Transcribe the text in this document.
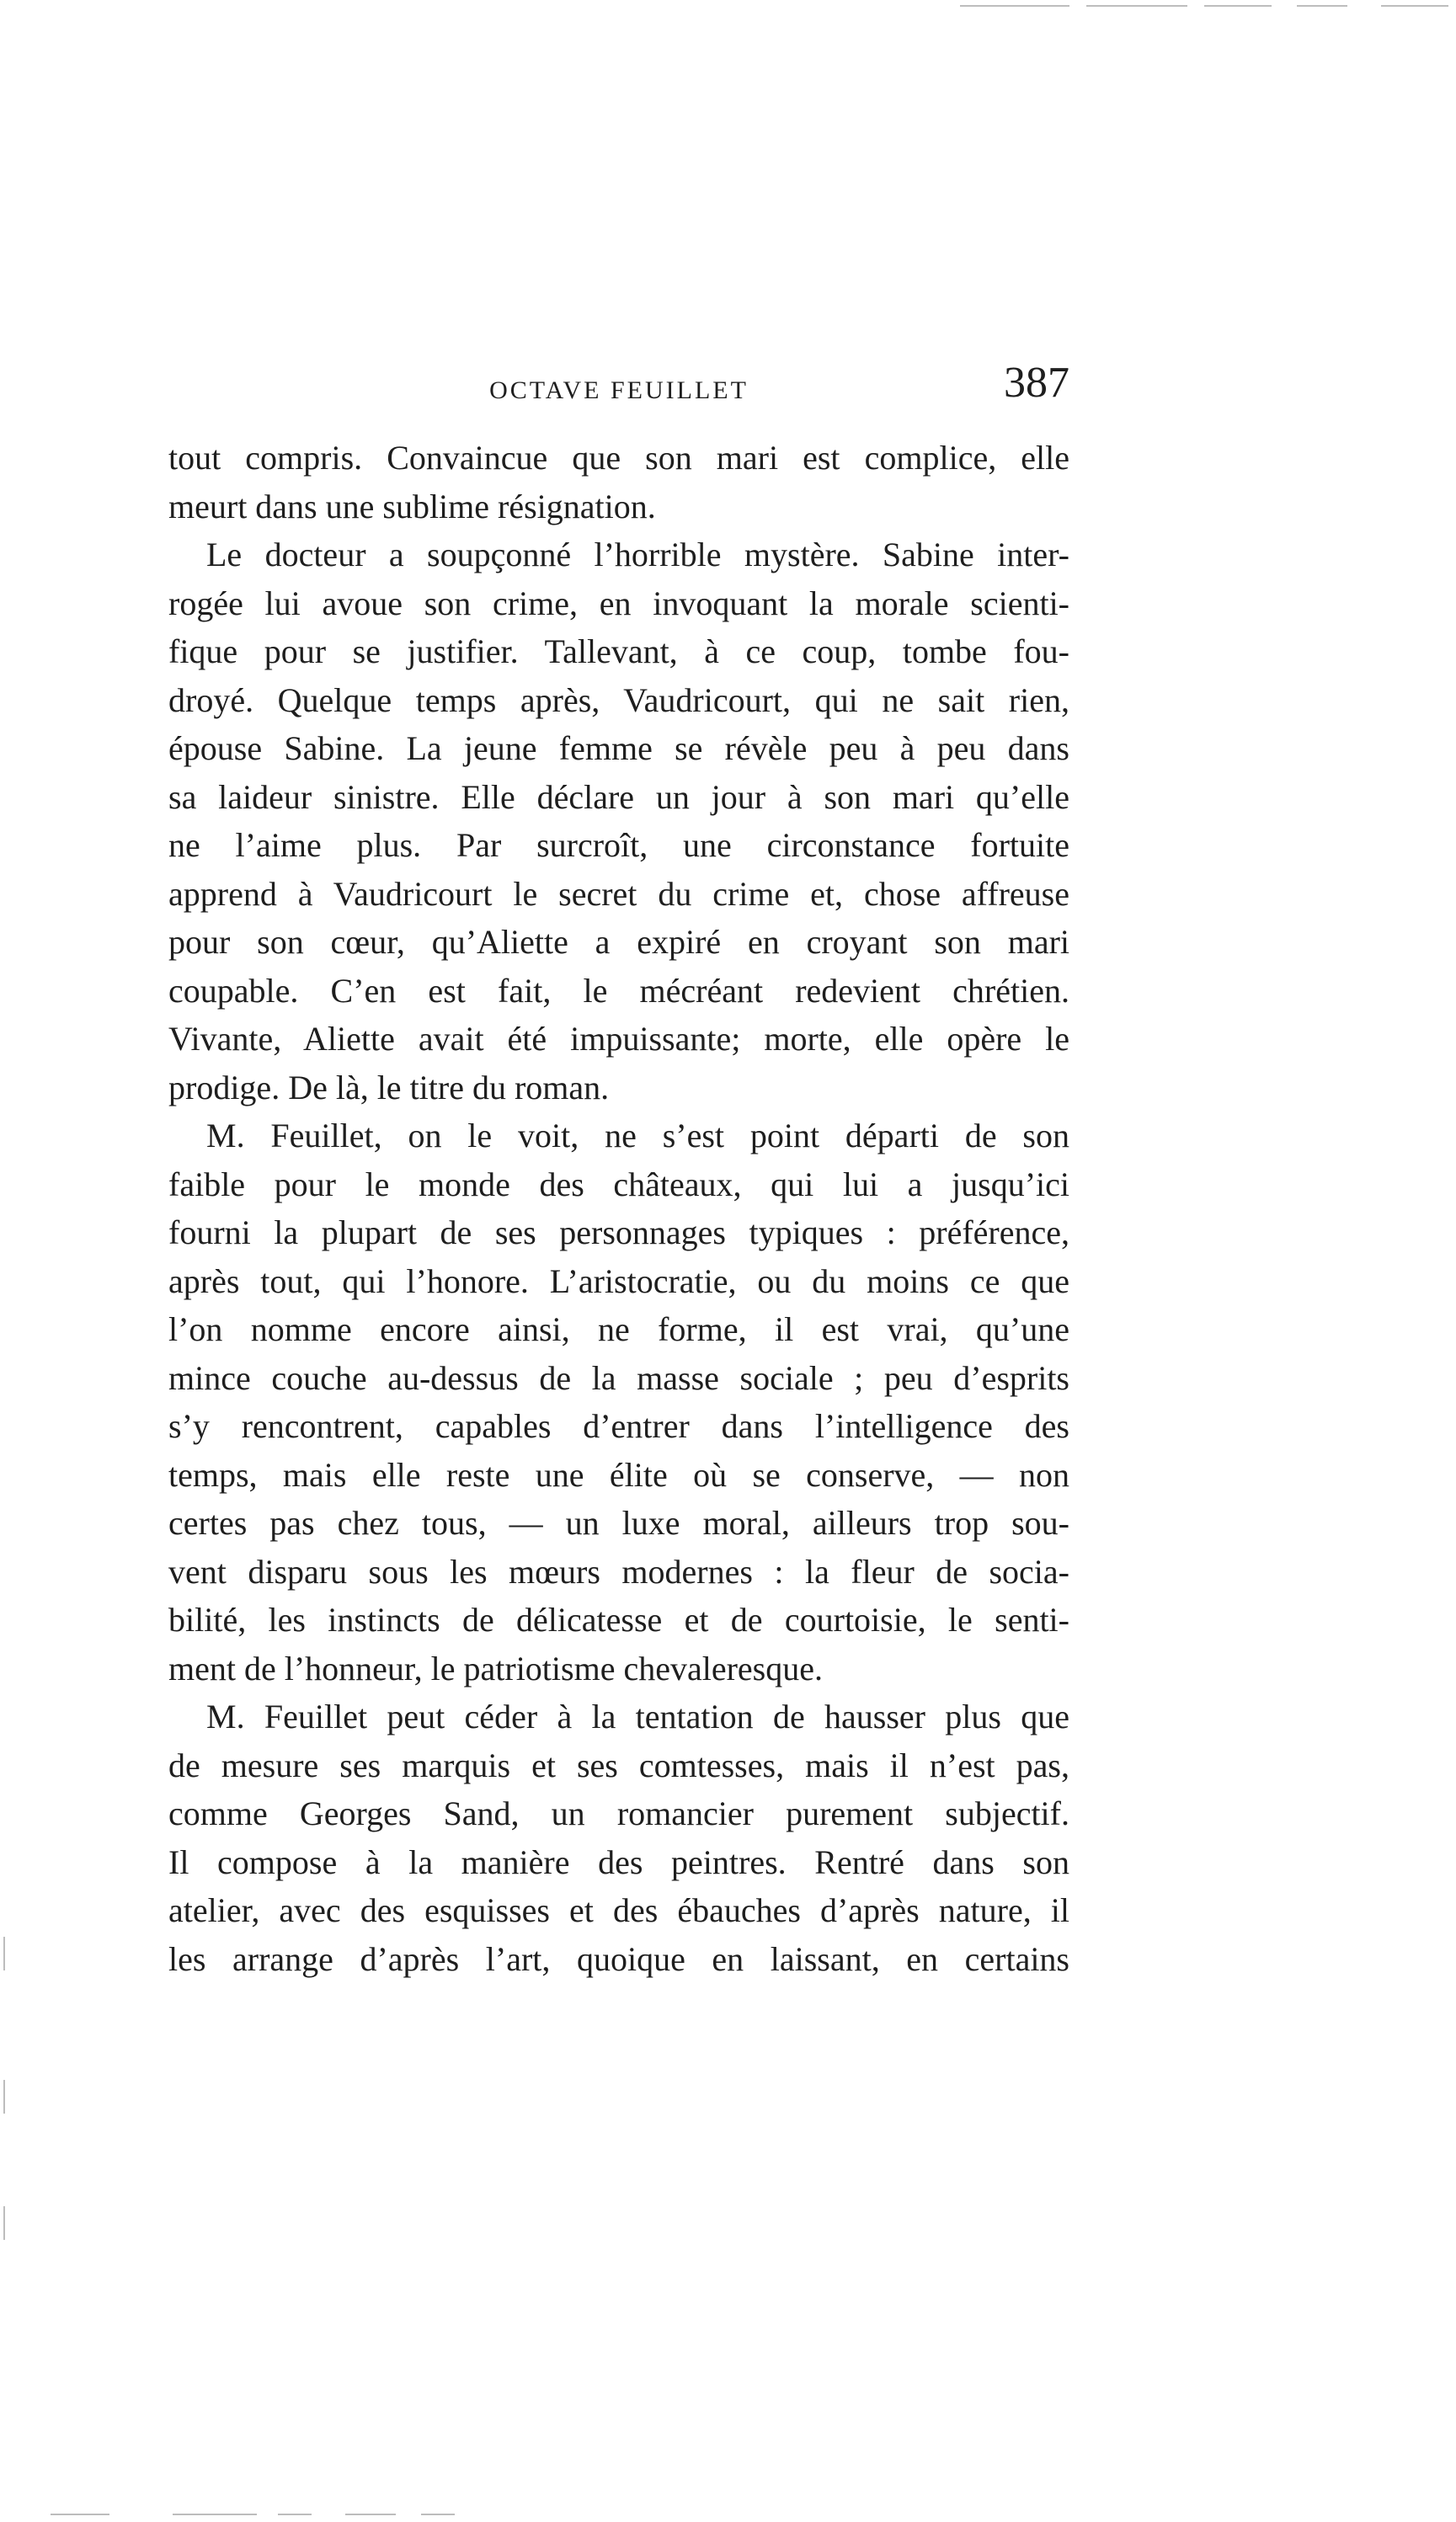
OCTAVE FEUILLET	387
tout compris. Convaincue que son mari est complice, elle
meurt dans une sublime résignation.
Le docteur a soupçonné l’horrible mystère. Sabine inter-
rogée lui avoue son crime, en invoquant la morale scienti-
fique pour se justifier. Tallevant, à ce coup, tombe fou-
droyé. Quelque temps après, Vaudricourt, qui ne sait rien,
épouse Sabine. La jeune femme se révèle peu à peu dans
sa laideur sinistre. Elle déclare un jour à son mari qu’elle
ne l’aime plus. Par surcroît, une circonstance fortuite
apprend à Vaudricourt le secret du crime et, chose affreuse
pour son cœur, qu’Aliette a expiré en croyant son mari
coupable. C’en est fait, le mécréant redevient chrétien.
Vivante, Aliette avait été impuissante; morte, elle opère le
prodige. De là, le titre du roman.
M. Feuillet, on le voit, ne s’est point départi de son
faible pour le monde des châteaux, qui lui a jusqu’ici
fourni la plupart de ses personnages typiques : préférence,
après tout, qui l’honore. L’aristocratie, ou du moins ce que
l’on nomme encore ainsi, ne forme, il est vrai, qu’une
mince couche au-dessus de la masse sociale ; peu d’esprits
s’y rencontrent, capables d’entrer dans l’intelligence des
temps, mais elle reste une élite où se conserve, — non
certes pas chez tous, — un luxe moral, ailleurs trop sou-
vent disparu sous les mœurs modernes : la fleur de socia-
bilité, les instincts de délicatesse et de courtoisie, le senti-
ment de l’honneur, le patriotisme chevaleresque.
M. Feuillet peut céder à la tentation de hausser plus que
de mesure ses marquis et ses comtesses, mais il n’est pas,
comme Georges Sand, un romancier purement subjectif.
Il compose à la manière des peintres. Rentré dans son
atelier, avec des esquisses et des ébauches d’après nature, il
les arrange d’après l’art, quoique en laissant, en certains
